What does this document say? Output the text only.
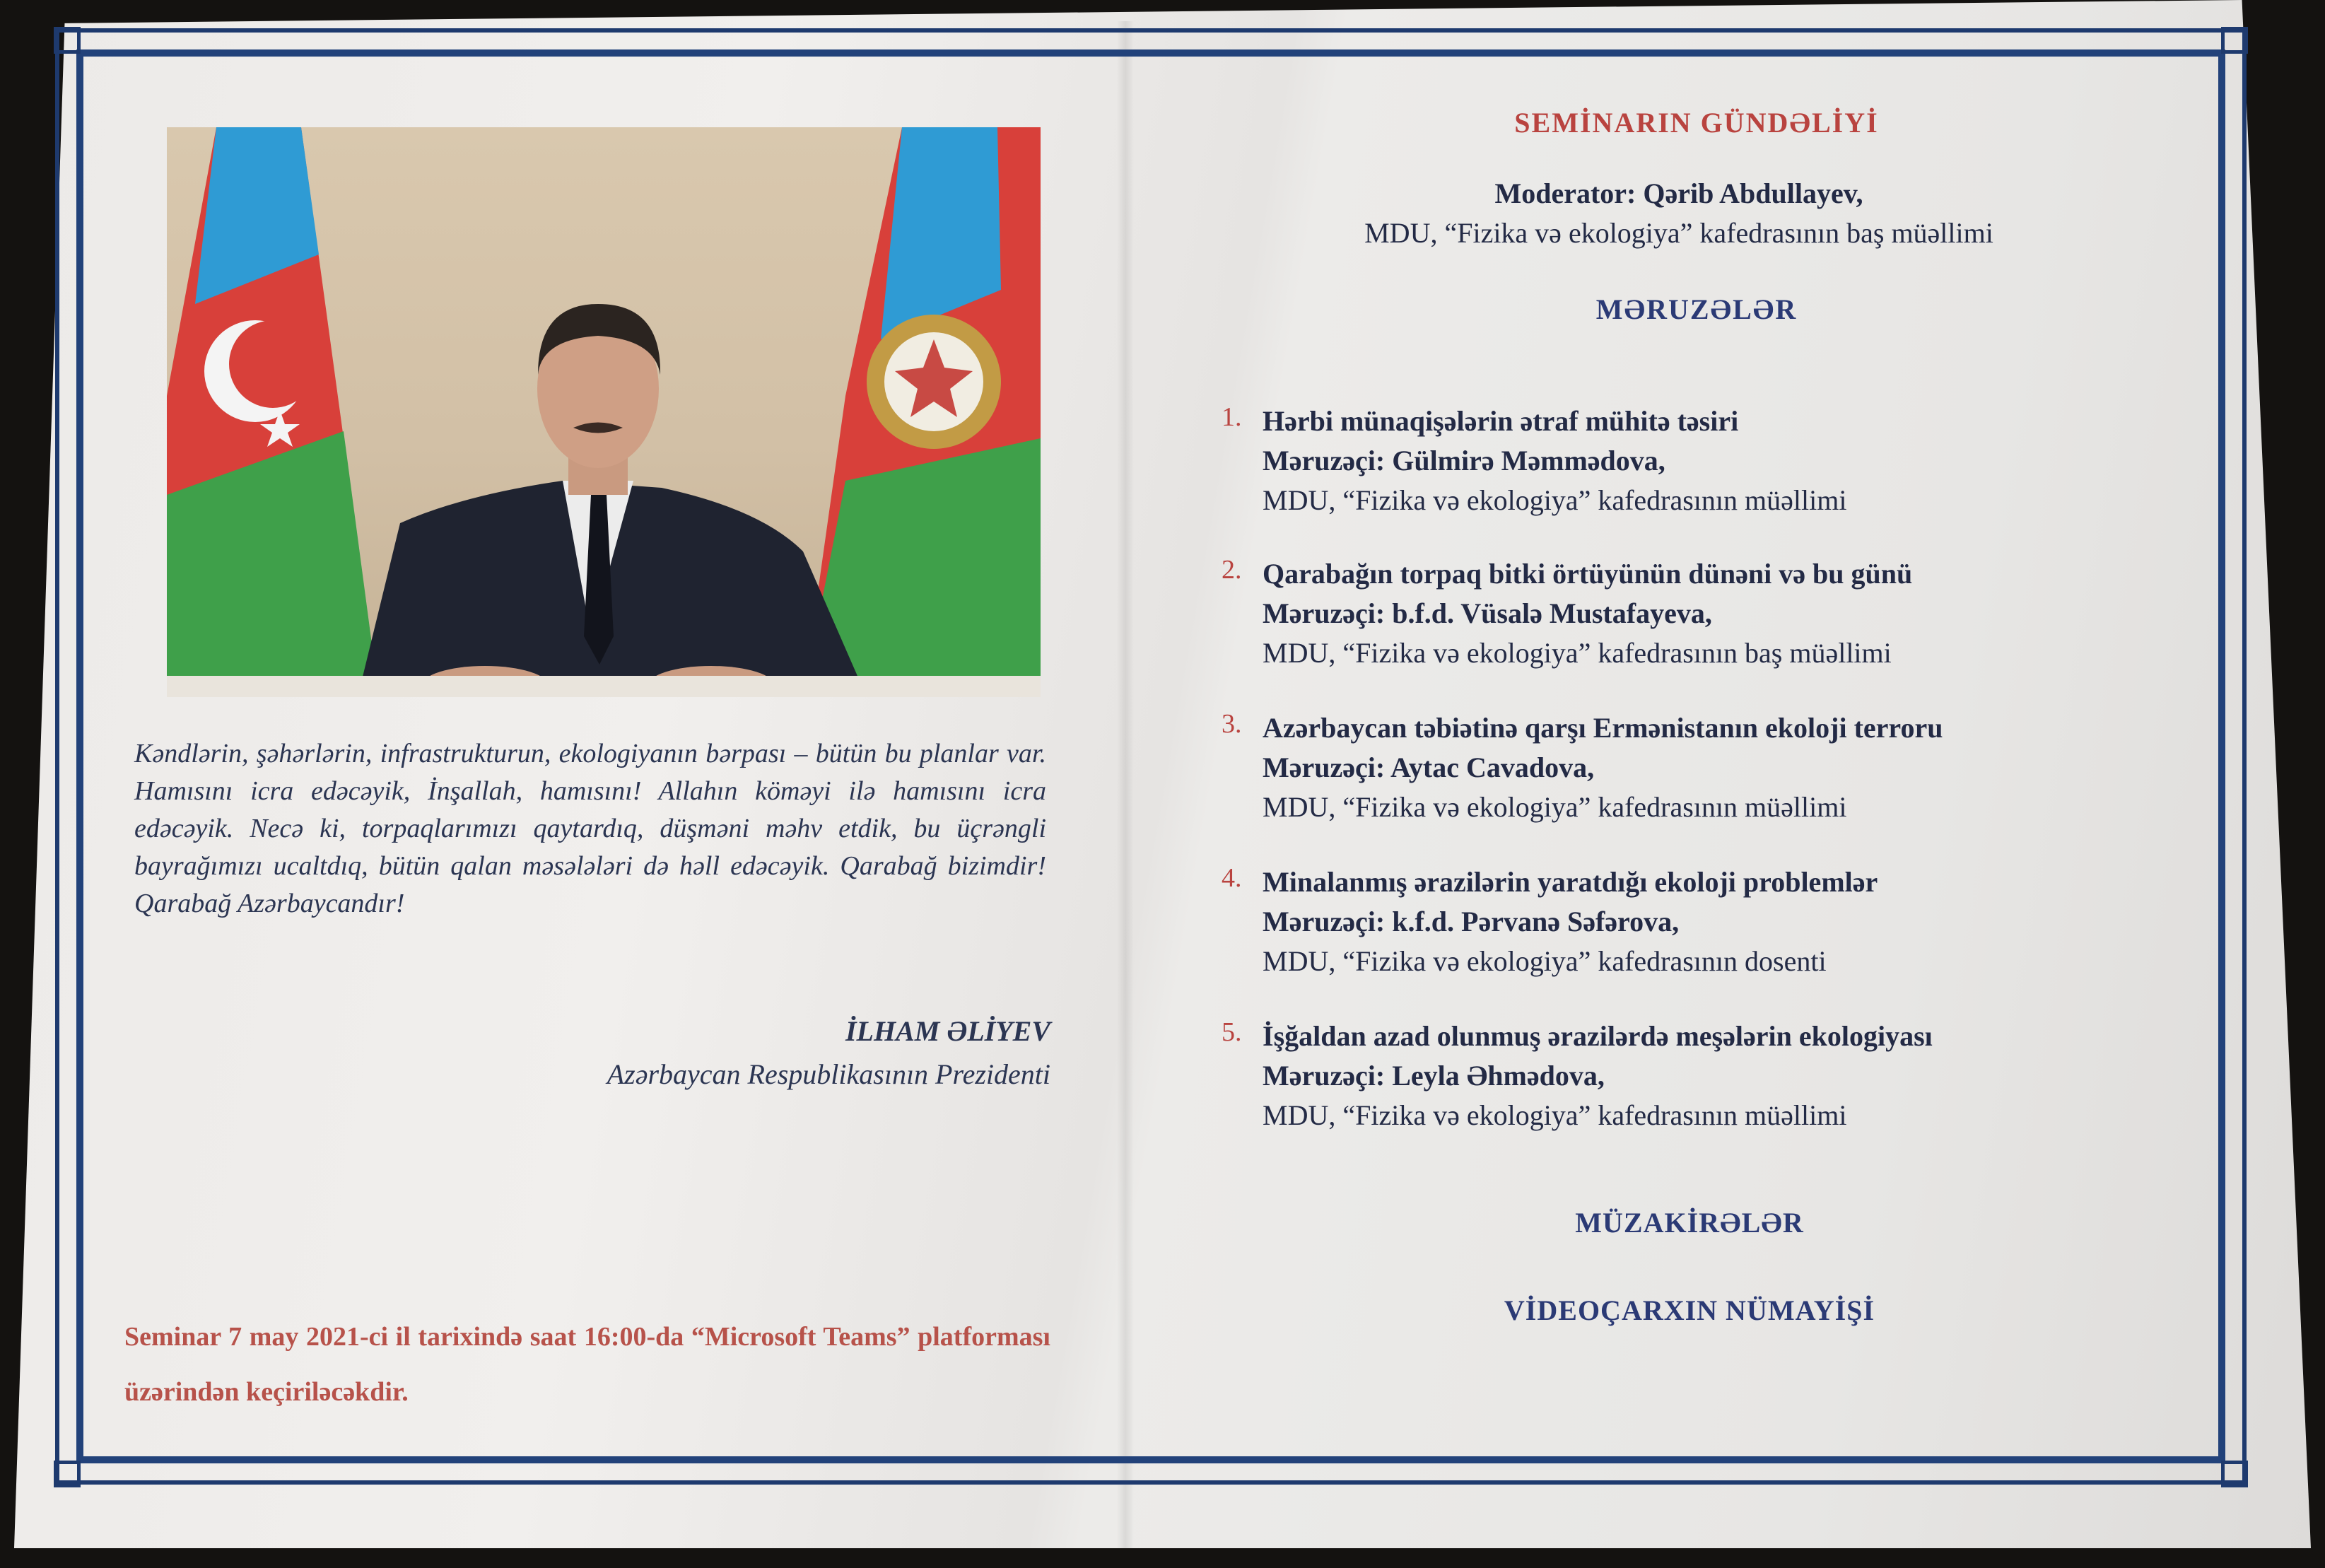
Kəndlərin, şəhərlərin, infrastrukturun, ekologiyanın bərpası – bütün bu planlar var. Hamısını icra edəcəyik, İnşallah, hamısını! Allahın köməyi ilə hamısını icra edəcəyik. Necə ki, torpaqlarımızı qaytardıq, düşməni məhv etdik, bu üçrəngli bayrağımızı ucaltdıq, bütün qalan məsələləri də həll edəcəyik. Qarabağ bizimdir! Qarabağ Azərbaycandır!
İLHAM ƏLİYEV
Azərbaycan Respublikasının Prezidenti
Seminar 7 may 2021-ci il tarixində saat 16:00-da “Microsoft Teams” platforması üzərindən keçiriləcəkdir.
SEMİNARIN GÜNDƏLİYİ
Moderator: Qərib Abdullayev,
MDU, “Fizika və ekologiya” kafedrasının baş müəllimi
MƏRUZƏLƏR
1. Hərbi münaqişələrin ətraf mühitə təsiri
Məruzəçi: Gülmirə Məmmədova,
MDU, “Fizika və ekologiya” kafedrasının müəllimi
2. Qarabağın torpaq bitki örtüyünün dünəni və bu günü
Məruzəçi: b.f.d. Vüsalə Mustafayeva,
MDU, “Fizika və ekologiya” kafedrasının baş müəllimi
3. Azərbaycan təbiətinə qarşı Ermənistanın ekoloji terroru
Məruzəçi: Aytac Cavadova,
MDU, “Fizika və ekologiya” kafedrasının müəllimi
4. Minalanmış ərazilərin yaratdığı ekoloji problemlər
Məruzəçi: k.f.d. Pərvanə Səfərova,
MDU, “Fizika və ekologiya” kafedrasının dosenti
5. İşğaldan azad olunmuş ərazilərdə meşələrin ekologiyası
Məruzəçi: Leyla Əhmədova,
MDU, “Fizika və ekologiya” kafedrasının müəllimi
MÜZAKİRƏLƏR
VİDEOÇARXIN NÜMAYİŞİ
